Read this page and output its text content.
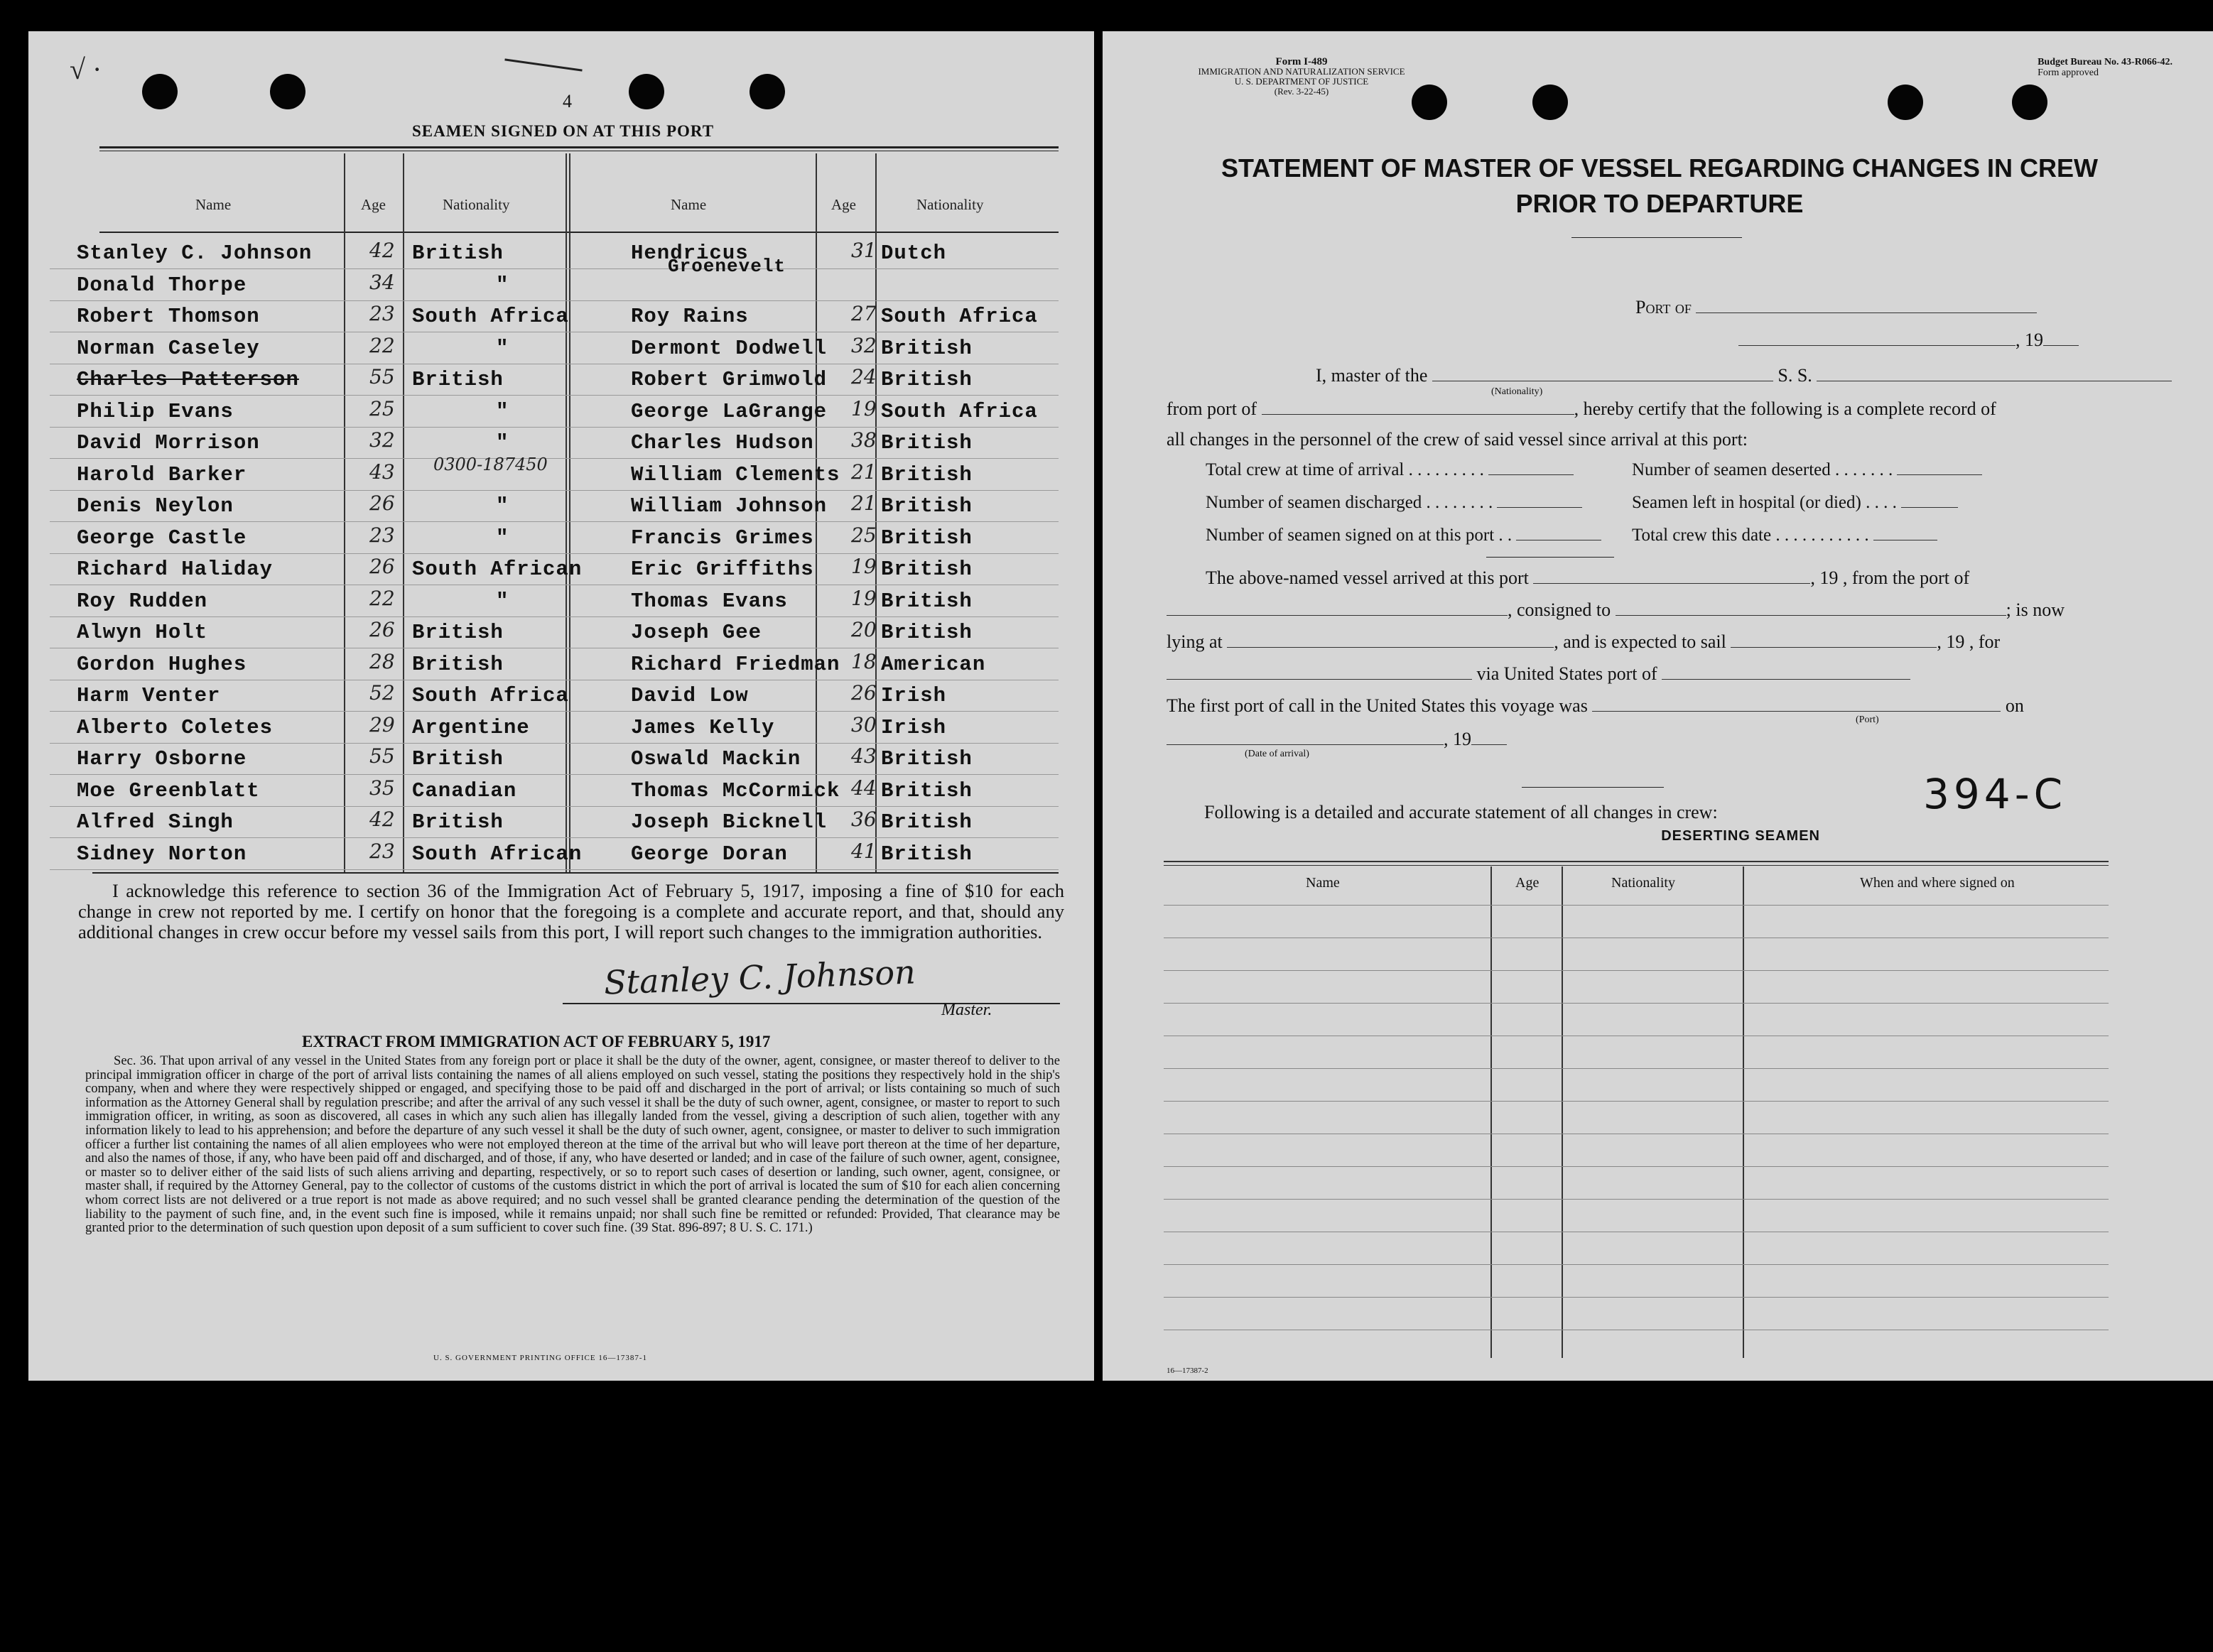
√ ·
4
SEAMEN SIGNED ON AT THIS PORT
Name	Age	Nationality	Name	Age	Nationality
Stanley C. Johnson	42 British	Hendricus	31 Dutch
Groenevelt
Donald Thorpe	34	"
Robert Thomson	23 South Africa	Roy Rains	27 South Africa
Norman Caseley	22	"	Dermont Dodwell 32 British
Charles Patterson	55 British	Robert Grimwold 24 British
Philip Evans	25	"	George LaGrange 19 South Africa
David Morrison	32	"	Charles Hudson 38 British
Harold Barker	43 0300-187450	William Clements 21 British
Denis Neylon	26	"	William Johnson 21 British
George Castle	23	"	Francis Grimes 25 British
Richard Haliday	26 South African Eric Griffiths 19 British
Roy Rudden	22	"	Thomas Evans	19 British
Alwyn Holt	26 British	Joseph Gee	20 British
Gordon Hughes	28 British	Richard Friedman 18 American
Harm Venter	52 South Africa	David Low	26 Irish
Alberto Coletes	29 Argentine	James Kelly	30 Irish
Harry Osborne	55 British	Oswald Mackin	43 British
Moe Greenblatt	35 Canadian	Thomas McCormick 44 British
Alfred Singh	42 British	Joseph Bicknell 36 British
Sidney Norton	23 South African George Doran	41 British
I acknowledge this reference to section 36 of the Immigration Act of February 5, 1917, imposing a fine of $10 for each change in crew not reported by me. I certify on honor that the foregoing is a complete and accurate report, and that, should any additional changes in crew occur before my vessel sails from this port, I will report such changes to the immigration authorities.
Stanley C. Johnson
Master.
EXTRACT FROM IMMIGRATION ACT OF FEBRUARY 5, 1917
Sec. 36. That upon arrival of any vessel in the United States from any foreign port or place it shall be the duty of the owner, agent, consignee, or master thereof to deliver to the principal immigration officer in charge of the port of arrival lists containing the names of all aliens employed on such vessel, stating the positions they respectively hold in the ship's company, when and where they were respectively shipped or engaged, and specifying those to be paid off and discharged in the port of arrival; or lists containing so much of such information as the Attorney General shall by regulation prescribe; and after the arrival of any such vessel it shall be the duty of such owner, agent, consignee, or master to report to such immigration officer, in writing, as soon as discovered, all cases in which any such alien has illegally landed from the vessel, giving a description of such alien, together with any information likely to lead to his apprehension; and before the departure of any such vessel it shall be the duty of such owner, agent, consignee, or master to deliver to such immigration officer a further list containing the names of all alien employees who were not employed thereon at the time of the arrival but who will leave port thereon at the time of her departure, and also the names of those, if any, who have been paid off and discharged, and of those, if any, who have deserted or landed; and in case of the failure of such owner, agent, consignee, or master so to deliver either of the said lists of such aliens arriving and departing, respectively, or so to report such cases of desertion or landing, such owner, agent, consignee, or master shall, if required by the Attorney General, pay to the collector of customs of the customs district in which the port of arrival is located the sum of $10 for each alien concerning whom correct lists are not delivered or a true report is not made as above required; and no such vessel shall be granted clearance pending the determination of the question of the liability to the payment of such fine, and, in the event such fine is imposed, while it remains unpaid; nor shall such fine be remitted or refunded: Provided, That clearance may be granted prior to the determination of such question upon deposit of a sum sufficient to cover such fine. (39 Stat. 896-897; 8 U. S. C. 171.)
U. S. GOVERNMENT PRINTING OFFICE 16—17387-1
Form I-489
IMMIGRATION AND NATURALIZATION SERVICE
U. S. DEPARTMENT OF JUSTICE
(Rev. 3-22-45)
Budget Bureau No. 43-R066-42.
Form approved
STATEMENT OF MASTER OF VESSEL REGARDING CHANGES IN CREW
PRIOR TO DEPARTURE
Port of
, 19
I, master of the	S. S.
(Nationality)
from port of	, hereby certify that the following is a complete record of
all changes in the personnel of the crew of said vessel since arrival at this port:
Total crew at time of arrival . . . . . . . . .	Number of seamen deserted . . . . . . .
Number of seamen discharged . . . . . . . .	Seamen left in hospital (or died) . . . .
Number of seamen signed on at this port . .	Total crew this date . . . . . . . . . . .
The above-named vessel arrived at this port	, 19 , from the port of
, consigned to	; is now
lying at	, and is expected to sail	, 19 , for
via United States port of
The first port of call in the United States this voyage was	on
(Port)
, 19
(Date of arrival)
394-C
Following is a detailed and accurate statement of all changes in crew:
DESERTING SEAMEN
Name	Age	Nationality	When and where signed on
16—17387-2
